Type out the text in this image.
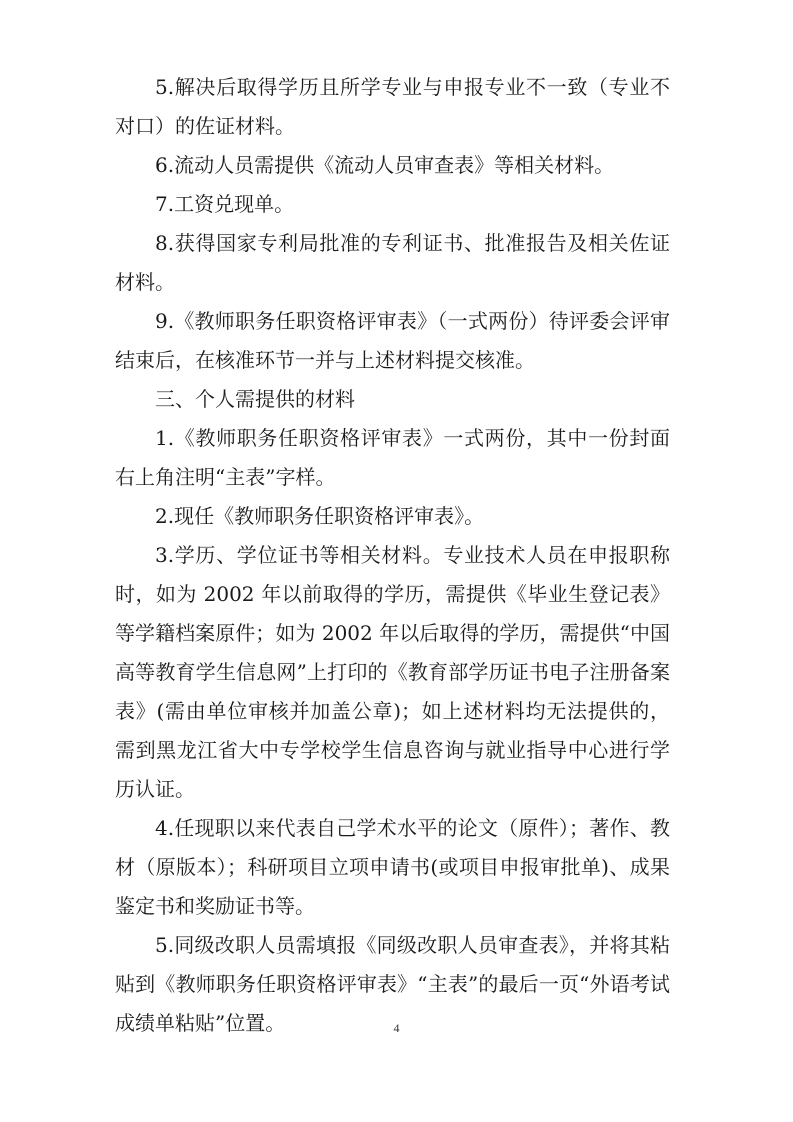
5.解决后取得学历且所学专业与申报专业不一致（专业不对口）的佐证材料。

6.流动人员需提供《流动人员审查表》等相关材料。

7.工资兑现单。

8.获得国家专利局批准的专利证书、批准报告及相关佐证材料。

9.《教师职务任职资格评审表》（一式两份）待评委会评审结束后，在核准环节一并与上述材料提交核准。

三、个人需提供的材料

1.《教师职务任职资格评审表》一式两份，其中一份封面右上角注明“主表”字样。

2.现任《教师职务任职资格评审表》。

3.学历、学位证书等相关材料。专业技术人员在申报职称时，如为 2002 年以前取得的学历，需提供《毕业生登记表》等学籍档案原件；如为 2002 年以后取得的学历，需提供“中国高等教育学生信息网”上打印的《教育部学历证书电子注册备案表》(需由单位审核并加盖公章)；如上述材料均无法提供的，需到黑龙江省大中专学校学生信息咨询与就业指导中心进行学历认证。

4.任现职以来代表自己学术水平的论文（原件）；著作、教材（原版本）；科研项目立项申请书(或项目申报审批单)、成果鉴定书和奖励证书等。

5.同级改职人员需填报《同级改职人员审查表》，并将其粘贴到《教师职务任职资格评审表》“主表”的最后一页“外语考试成绩单粘贴”位置。	4
